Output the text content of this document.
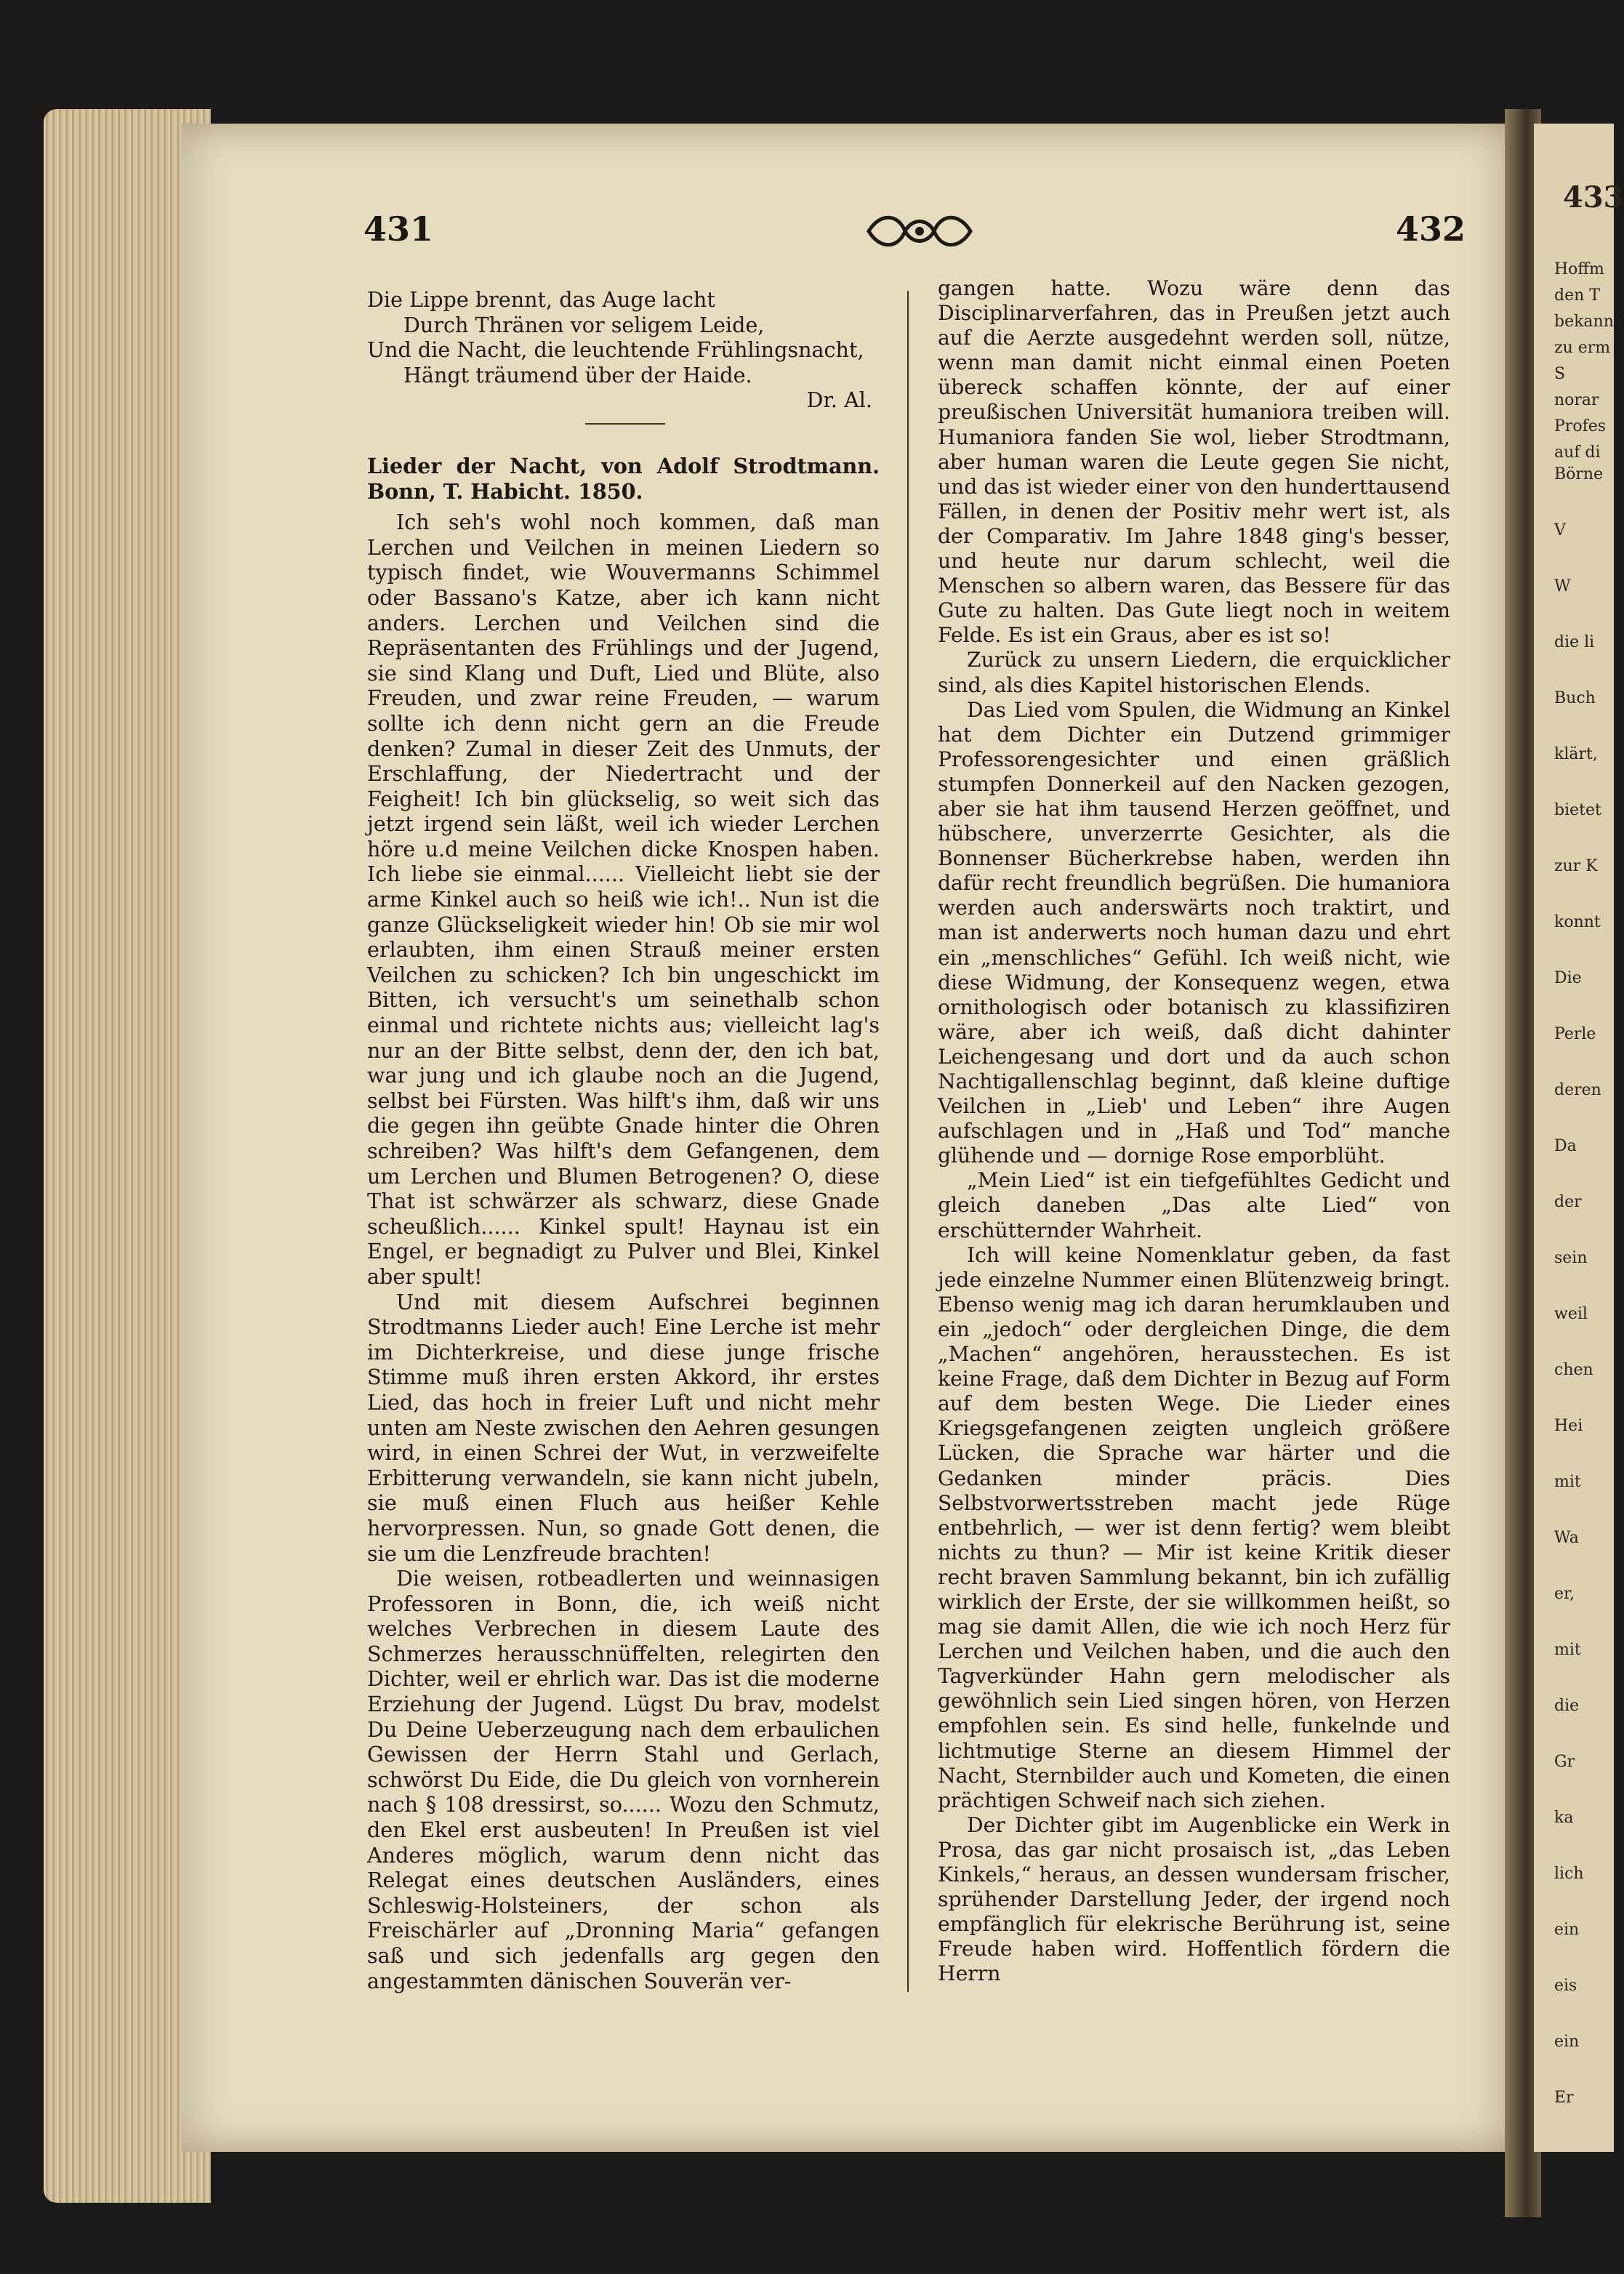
433
Hoffm
den T
bekann
zu erm
S
norar
Profes
auf di
Börne
V
W
die li
Buch
klärt,
bietet
zur K
konnt
Die
Perle
deren
Da
der
sein
weil
chen
Hei
mit
Wa
er,
mit
die
Gr
ka
lich
ein
eis
ein
Er
431	432
Die Lippe brennt, das Auge lacht
Durch Thränen vor seligem Leide,
Und die Nacht, die leuchtende Frühlingsnacht,
Hängt träumend über der Haide.
Dr. Al.

Lieder der Nacht, von Adolf Strodtmann. Bonn, T. Habicht. 1850.

Ich seh's wohl noch kommen, daß man Lerchen und Veilchen in meinen Liedern so typisch findet, wie Wouvermanns Schimmel oder Bassano's Katze, aber ich kann nicht anders. Lerchen und Veilchen sind die Repräsentanten des Frühlings und der Jugend, sie sind Klang und Duft, Lied und Blüte, also Freuden, und zwar reine Freuden, — warum sollte ich denn nicht gern an die Freude denken? Zumal in dieser Zeit des Unmuts, der Erschlaffung, der Niedertracht und der Feigheit! Ich bin glückselig, so weit sich das jetzt irgend sein läßt, weil ich wieder Lerchen höre u.d meine Veilchen dicke Knospen haben. Ich liebe sie einmal...... Vielleicht liebt sie der arme Kinkel auch so heiß wie ich!.. Nun ist die ganze Glückseligkeit wieder hin! Ob sie mir wol erlaubten, ihm einen Strauß meiner ersten Veilchen zu schicken? Ich bin ungeschickt im Bitten, ich versucht's um seinethalb schon einmal und richtete nichts aus; vielleicht lag's nur an der Bitte selbst, denn der, den ich bat, war jung und ich glaube noch an die Jugend, selbst bei Fürsten. Was hilft's ihm, daß wir uns die gegen ihn geübte Gnade hinter die Ohren schreiben? Was hilft's dem Gefangenen, dem um Lerchen und Blumen Betrogenen? O, diese That ist schwärzer als schwarz, diese Gnade scheußlich...... Kinkel spult! Haynau ist ein Engel, er begnadigt zu Pulver und Blei, Kinkel aber spult!

Und mit diesem Aufschrei beginnen Strodtmanns Lieder auch! Eine Lerche ist mehr im Dichterkreise, und diese junge frische Stimme muß ihren ersten Akkord, ihr erstes Lied, das hoch in freier Luft und nicht mehr unten am Neste zwischen den Aehren gesungen wird, in einen Schrei der Wut, in verzweifelte Erbitterung verwandeln, sie kann nicht jubeln, sie muß einen Fluch aus heißer Kehle hervorpressen. Nun, so gnade Gott denen, die sie um die Lenzfreude brachten!

Die weisen, rotbeadlerten und weinnasigen Professoren in Bonn, die, ich weiß nicht welches Verbrechen in diesem Laute des Schmerzes herausschnüffelten, relegirten den Dichter, weil er ehrlich war. Das ist die moderne Erziehung der Jugend. Lügst Du brav, modelst Du Deine Ueberzeugung nach dem erbaulichen Gewissen der Herrn Stahl und Gerlach, schwörst Du Eide, die Du gleich von vornherein nach § 108 dressirst, so...... Wozu den Schmutz, den Ekel erst ausbeuten! In Preußen ist viel Anderes möglich, warum denn nicht das Relegat eines deutschen Ausländers, eines Schleswig-Holsteiners, der schon als Freischärler auf „Dronning Maria“ gefangen saß und sich jedenfalls arg gegen den angestammten dänischen Souverän ver-

gangen hatte. Wozu wäre denn das Disciplinarverfahren, das in Preußen jetzt auch auf die Aerzte ausgedehnt werden soll, nütze, wenn man damit nicht einmal einen Poeten übereck schaffen könnte, der auf einer preußischen Universität humaniora treiben will. Humaniora fanden Sie wol, lieber Strodtmann, aber human waren die Leute gegen Sie nicht, und das ist wieder einer von den hunderttausend Fällen, in denen der Positiv mehr wert ist, als der Comparativ. Im Jahre 1848 ging's besser, und heute nur darum schlecht, weil die Menschen so albern waren, das Bessere für das Gute zu halten. Das Gute liegt noch in weitem Felde. Es ist ein Graus, aber es ist so!

Zurück zu unsern Liedern, die erquicklicher sind, als dies Kapitel historischen Elends.

Das Lied vom Spulen, die Widmung an Kinkel hat dem Dichter ein Dutzend grimmiger Professorengesichter und einen gräßlich stumpfen Donnerkeil auf den Nacken gezogen, aber sie hat ihm tausend Herzen geöffnet, und hübschere, unverzerrte Gesichter, als die Bonnenser Bücherkrebse haben, werden ihn dafür recht freundlich begrüßen. Die humaniora werden auch anderswärts noch traktirt, und man ist anderwerts noch human dazu und ehrt ein „menschliches“ Gefühl. Ich weiß nicht, wie diese Widmung, der Konsequenz wegen, etwa ornithologisch oder botanisch zu klassifiziren wäre, aber ich weiß, daß dicht dahinter Leichengesang und dort und da auch schon Nachtigallenschlag beginnt, daß kleine duftige Veilchen in „Lieb' und Leben“ ihre Augen aufschlagen und in „Haß und Tod“ manche glühende und — dornige Rose emporblüht.

„Mein Lied“ ist ein tiefgefühltes Gedicht und gleich daneben „Das alte Lied“ von erschütternder Wahrheit.

Ich will keine Nomenklatur geben, da fast jede einzelne Nummer einen Blütenzweig bringt. Ebenso wenig mag ich daran herumklauben und ein „jedoch“ oder dergleichen Dinge, die dem „Machen“ angehören, herausstechen. Es ist keine Frage, daß dem Dichter in Bezug auf Form auf dem besten Wege. Die Lieder eines Kriegsgefangenen zeigten ungleich größere Lücken, die Sprache war härter und die Gedanken minder präcis. Dies Selbstvorwertsstreben macht jede Rüge entbehrlich, — wer ist denn fertig? wem bleibt nichts zu thun? — Mir ist keine Kritik dieser recht braven Sammlung bekannt, bin ich zufällig wirklich der Erste, der sie willkommen heißt, so mag sie damit Allen, die wie ich noch Herz für Lerchen und Veilchen haben, und die auch den Tagverkünder Hahn gern melodischer als gewöhnlich sein Lied singen hören, von Herzen empfohlen sein. Es sind helle, funkelnde und lichtmutige Sterne an diesem Himmel der Nacht, Sternbilder auch und Kometen, die einen prächtigen Schweif nach sich ziehen.

Der Dichter gibt im Augenblicke ein Werk in Prosa, das gar nicht prosaisch ist, „das Leben Kinkels,“ heraus, an dessen wundersam frischer, sprühender Darstellung Jeder, der irgend noch empfänglich für elekrische Berührung ist, seine Freude haben wird. Hoffentlich fördern die Herrn
